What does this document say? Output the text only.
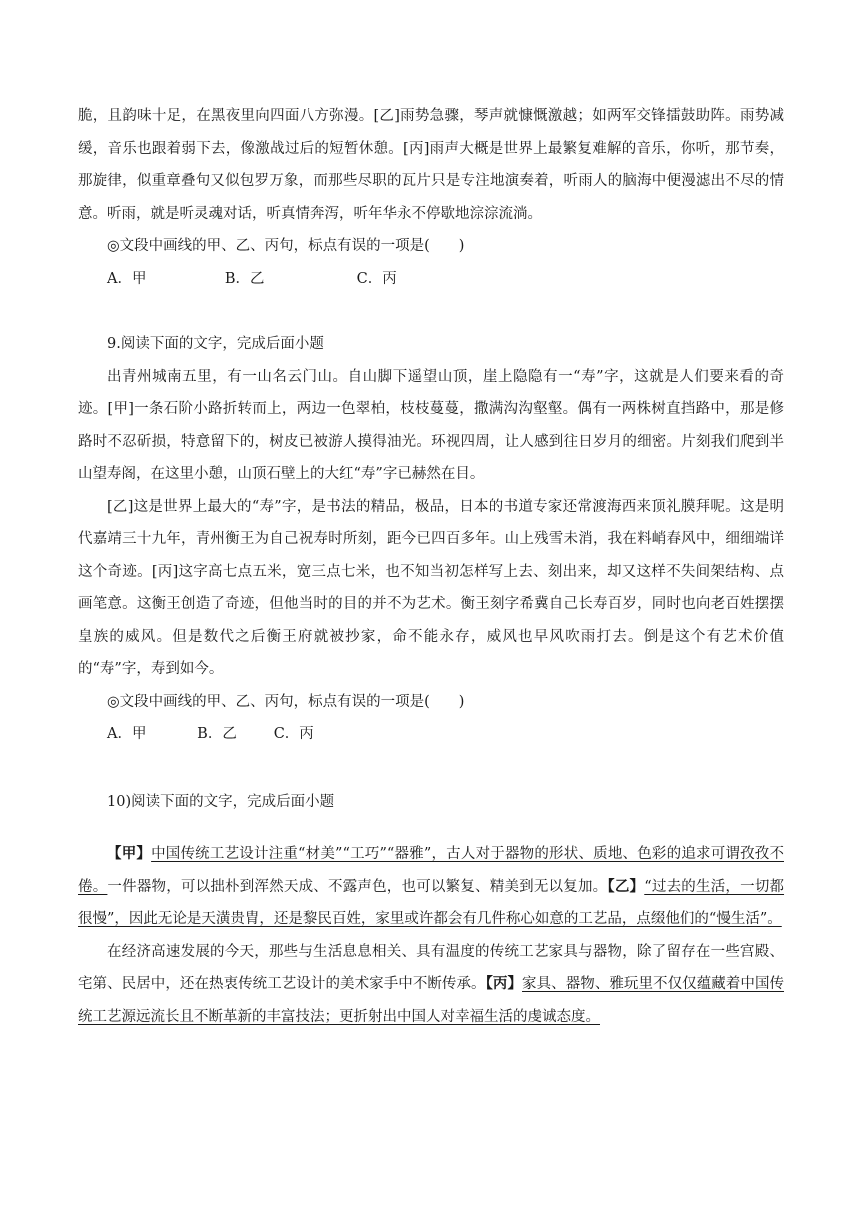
脆，且韵味十足，在黑夜里向四面八方弥漫。[乙]雨势急骤，琴声就慷慨激越；如两军交锋擂鼓助阵。雨势减缓，音乐也跟着弱下去，像激战过后的短暂休憩。[丙]雨声大概是世界上最繁复难解的音乐，你听，那节奏，那旋律，似重章叠句又似包罗万象，而那些尽职的瓦片只是专注地演奏着，听雨人的脑海中便漫滤出不尽的情意。听雨，就是听灵魂对话，听真情奔泻，听年华永不停歇地淙淙流淌。

◎文段中画线的甲、乙、丙句，标点有误的一项是(　　)

A．甲                 B．乙                    C．丙

9.阅读下面的文字，完成后面小题

出青州城南五里，有一山名云门山。自山脚下遥望山顶，崖上隐隐有一“寿”字，这就是人们要来看的奇迹。[甲]一条石阶小路折转而上，两边一色翠柏，枝枝蔓蔓，撒满沟沟壑壑。偶有一两株树直挡路中，那是修路时不忍斫损，特意留下的，树皮已被游人摸得油光。环视四周，让人感到往日岁月的细密。片刻我们爬到半山望寿阁，在这里小憩，山顶石壁上的大红“寿”字已赫然在目。

[乙]这是世界上最大的“寿”字，是书法的精品，极品，日本的书道专家还常渡海西来顶礼膜拜呢。这是明代嘉靖三十九年，青州衡王为自己祝寿时所刻，距今已四百多年。山上残雪未消，我在料峭春风中，细细端详这个奇迹。[丙]这字高七点五米，宽三点七米，也不知当初怎样写上去、刻出来，却又这样不失间架结构、点画笔意。这衡王创造了奇迹，但他当时的目的并不为艺术。衡王刻字希冀自己长寿百岁，同时也向老百姓摆摆皇族的威风。但是数代之后衡王府就被抄家，命不能永存，威风也早风吹雨打去。倒是这个有艺术价值的“寿”字，寿到如今。

◎文段中画线的甲、乙、丙句，标点有误的一项是(　　)

A．甲           B．乙        C．丙

10)阅读下面的文字，完成后面小题

【甲】中国传统工艺设计注重“材美”“工巧”“器雅”，古人对于器物的形状、质地、色彩的追求可谓孜孜不倦。一件器物，可以拙朴到浑然天成、不露声色，也可以繁复、精美到无以复加。【乙】“过去的生活，一切都很慢”，因此无论是天潢贵胄，还是黎民百姓，家里或许都会有几件称心如意的工艺品，点缀他们的“慢生活”。

在经济高速发展的今天，那些与生活息息相关、具有温度的传统工艺家具与器物，除了留存在一些宫殿、宅第、民居中，还在热衷传统工艺设计的美术家手中不断传承。【丙】家具、器物、雅玩里不仅仅蕴藏着中国传统工艺源远流长且不断革新的丰富技法；更折射出中国人对幸福生活的虔诚态度。
